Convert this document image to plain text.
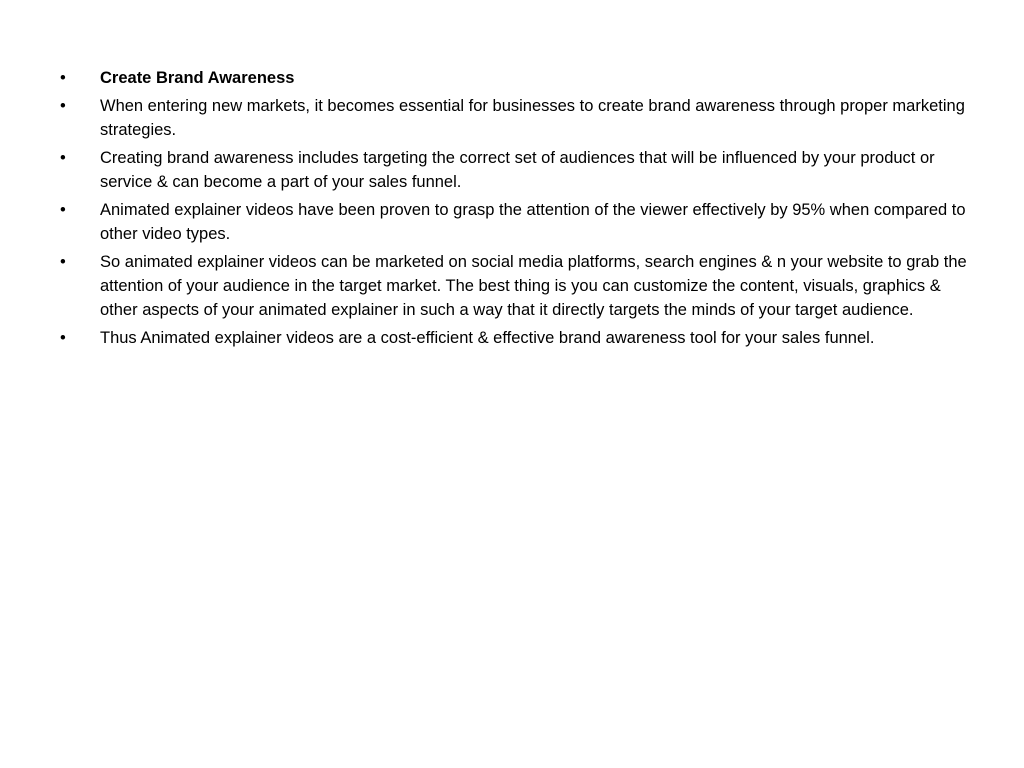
•	Create Brand Awareness
•	When entering new markets, it becomes essential for businesses to create brand awareness through proper marketing strategies.
•	Creating brand awareness includes targeting the correct set of audiences that will be influenced by your product or service & can become a part of your sales funnel.
•	Animated explainer videos have been proven to grasp the attention of the viewer effectively by 95% when compared to other video types.
•	So animated explainer videos can be marketed on social media platforms, search engines & n your website to grab the attention of your audience in the target market. The best thing is you can customize the content, visuals, graphics & other aspects of your animated explainer in such a way that it directly targets the minds of your target audience.
•	Thus Animated explainer videos are a cost-efficient & effective brand awareness tool for your sales funnel.
